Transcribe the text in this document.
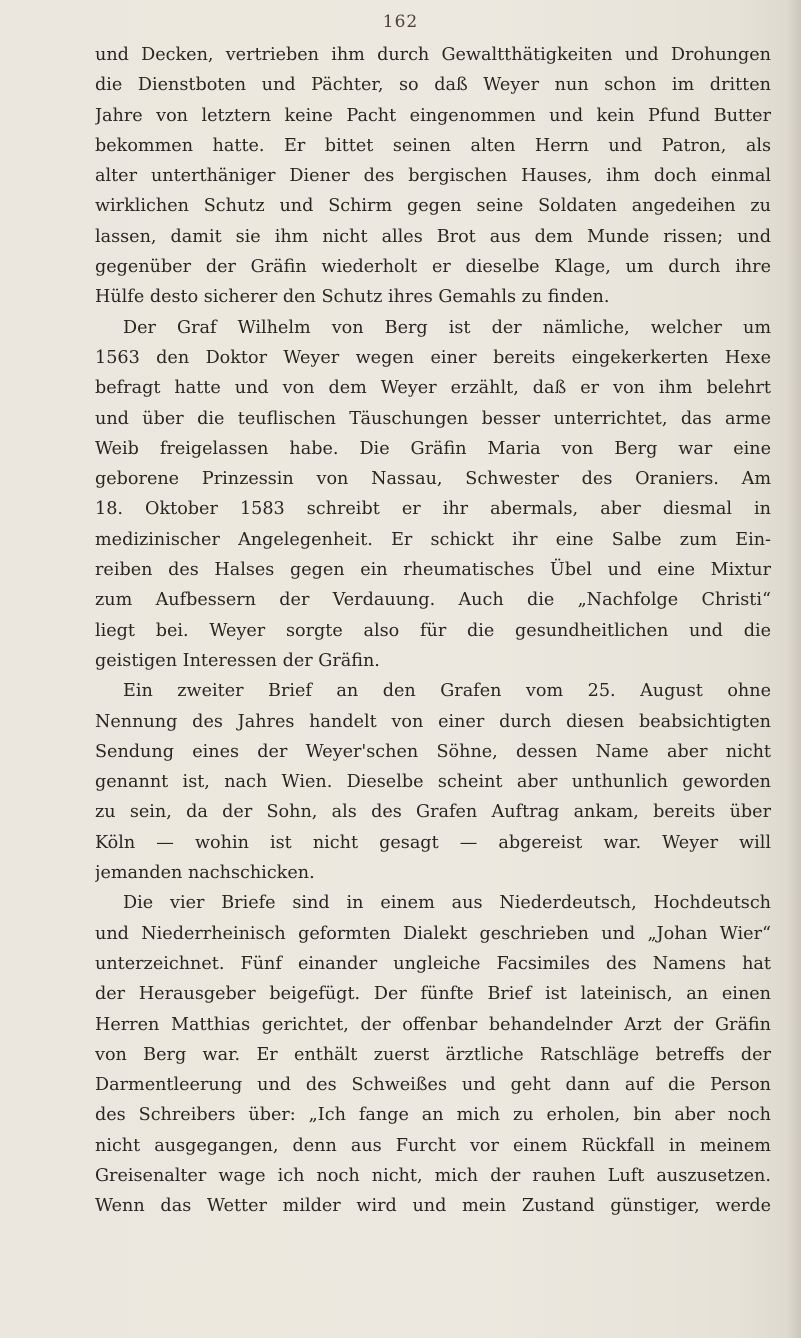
162
und Decken, vertrieben ihm durch Gewaltthätigkeiten und Drohungen
die Dienstboten und Pächter, so daß Weyer nun schon im dritten
Jahre von letztern keine Pacht eingenommen und kein Pfund Butter
bekommen hatte. Er bittet seinen alten Herrn und Patron, als
alter unterthäniger Diener des bergischen Hauses, ihm doch einmal
wirklichen Schutz und Schirm gegen seine Soldaten angedeihen zu
lassen, damit sie ihm nicht alles Brot aus dem Munde rissen; und
gegenüber der Gräfin wiederholt er dieselbe Klage, um durch ihre
Hülfe desto sicherer den Schutz ihres Gemahls zu finden.
Der Graf Wilhelm von Berg ist der nämliche, welcher um
1563 den Doktor Weyer wegen einer bereits eingekerkerten Hexe
befragt hatte und von dem Weyer erzählt, daß er von ihm belehrt
und über die teuflischen Täuschungen besser unterrichtet, das arme
Weib freigelassen habe. Die Gräfin Maria von Berg war eine
geborene Prinzessin von Nassau, Schwester des Oraniers. Am
18. Oktober 1583 schreibt er ihr abermals, aber diesmal in
medizinischer Angelegenheit. Er schickt ihr eine Salbe zum Ein-
reiben des Halses gegen ein rheumatisches Übel und eine Mixtur
zum Aufbessern der Verdauung. Auch die „Nachfolge Christi“
liegt bei. Weyer sorgte also für die gesundheitlichen und die
geistigen Interessen der Gräfin.
Ein zweiter Brief an den Grafen vom 25. August ohne
Nennung des Jahres handelt von einer durch diesen beabsichtigten
Sendung eines der Weyer'schen Söhne, dessen Name aber nicht
genannt ist, nach Wien. Dieselbe scheint aber unthunlich geworden
zu sein, da der Sohn, als des Grafen Auftrag ankam, bereits über
Köln — wohin ist nicht gesagt — abgereist war. Weyer will
jemanden nachschicken.
Die vier Briefe sind in einem aus Niederdeutsch, Hochdeutsch
und Niederrheinisch geformten Dialekt geschrieben und „Johan Wier“
unterzeichnet. Fünf einander ungleiche Facsimiles des Namens hat
der Herausgeber beigefügt. Der fünfte Brief ist lateinisch, an einen
Herren Matthias gerichtet, der offenbar behandelnder Arzt der Gräfin
von Berg war. Er enthält zuerst ärztliche Ratschläge betreffs der
Darmentleerung und des Schweißes und geht dann auf die Person
des Schreibers über: „Ich fange an mich zu erholen, bin aber noch
nicht ausgegangen, denn aus Furcht vor einem Rückfall in meinem
Greisenalter wage ich noch nicht, mich der rauhen Luft auszusetzen.
Wenn das Wetter milder wird und mein Zustand günstiger, werde
